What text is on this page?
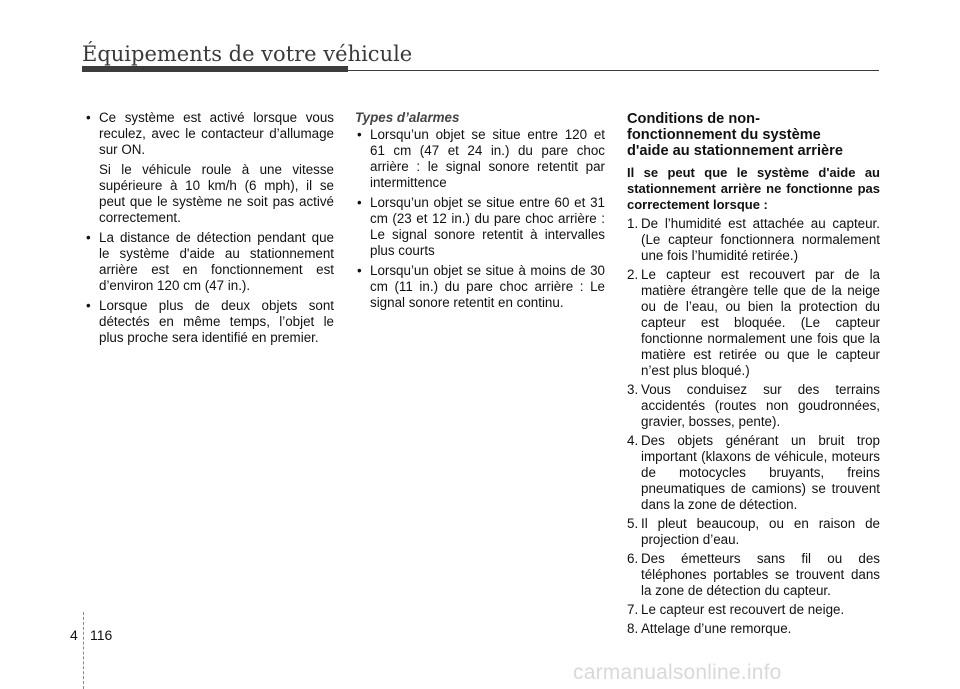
Équipements de votre véhicule
• Ce système est activé lorsque vous reculez, avec le contacteur d’allumage sur ON.
Si le véhicule roule à une vitesse supérieure à 10 km/h (6 mph), il se peut que le système ne soit pas activé correctement.
• La distance de détection pendant que le système d'aide au stationnement arrière est en fonctionnement est d’environ 120 cm (47 in.).
• Lorsque plus de deux objets sont détectés en même temps, l’objet le plus proche sera identifié en premier.
Types d’alarmes
• Lorsqu’un objet se situe entre 120 et 61 cm (47 et 24 in.) du pare choc arrière : le signal sonore retentit par intermittence
• Lorsqu’un objet se situe entre 60 et 31 cm (23 et 12 in.) du pare choc arrière : Le signal sonore retentit à intervalles plus courts
• Lorsqu’un objet se situe à moins de 30 cm (11 in.) du pare choc arrière : Le signal sonore retentit en continu.
Conditions de non-
fonctionnement du système
d'aide au stationnement arrière
Il se peut que le système d'aide au stationnement arrière ne fonctionne pas correctement lorsque :
1. De l’humidité est attachée au capteur. (Le capteur fonctionnera normalement une fois l’humidité retirée.)
2. Le capteur est recouvert par de la matière étrangère telle que de la neige ou de l’eau, ou bien la protection du capteur est bloquée. (Le capteur fonctionne normalement une fois que la matière est retirée ou que le capteur n’est plus bloqué.)
3. Vous conduisez sur des terrains accidentés (routes non goudronnées, gravier, bosses, pente).
4. Des objets générant un bruit trop important (klaxons de véhicule, moteurs de motocycles bruyants, freins pneumatiques de camions) se trouvent dans la zone de détection.
5. Il pleut beaucoup, ou en raison de projection d’eau.
6. Des émetteurs sans fil ou des téléphones portables se trouvent dans la zone de détection du capteur.
7. Le capteur est recouvert de neige.
8. Attelage d’une remorque.
4 116
carmanualsonline.info
